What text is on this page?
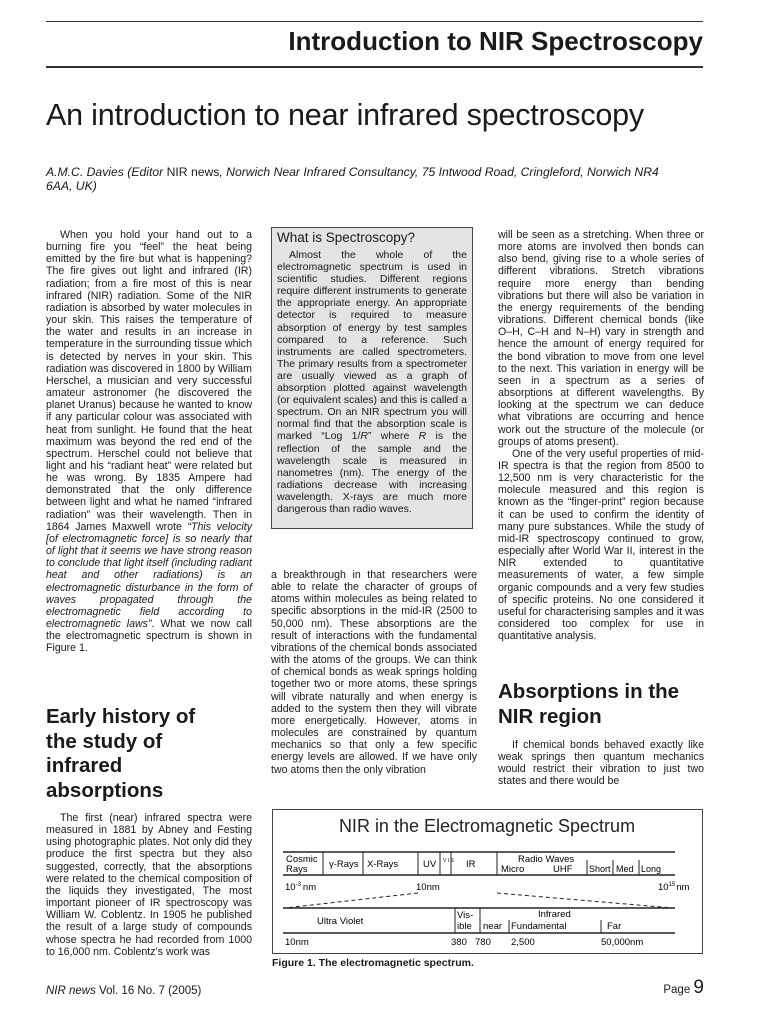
Introduction to NIR Spectroscopy
An introduction to near infrared spectroscopy
A.M.C. Davies (Editor NIR news, Norwich Near Infrared Consultancy, 75 Intwood Road, Cringleford, Norwich NR4 6AA, UK)

When you hold your hand out to a burning fire you “feel” the heat being emitted by the fire but what is happening? The fire gives out light and infrared (IR) radiation; from a fire most of this is near infrared (NIR) radiation. Some of the NIR radiation is absorbed by water molecules in your skin. This raises the temperature of the water and results in an increase in temperature in the surrounding tissue which is detected by nerves in your skin. This radiation was discovered in 1800 by William Herschel, a musician and very successful amateur astronomer (he discovered the planet Uranus) because he wanted to know if any particular colour was associated with heat from sunlight. He found that the heat maximum was beyond the red end of the spectrum. Herschel could not believe that light and his “radiant heat” were related but he was wrong. By 1835 Ampere had demonstrated that the only difference between light and what he named “infrared radiation” was their wavelength. Then in 1864 James Maxwell wrote “This velocity [of electromagnetic force] is so nearly that of light that it seems we have strong reason to conclude that light itself (including radiant heat and other radiations) is an electromagnetic disturbance in the form of waves propagated through the electromagnetic field according to electromagnetic laws”. What we now call the electromagnetic spectrum is shown in Figure 1.

Early history of the study of infrared absorptions

The first (near) infrared spectra were measured in 1881 by Abney and Festing using photographic plates. Not only did they produce the first spectra but they also suggested, correctly, that the absorptions were related to the chemical composition of the liquids they investigated, The most important pioneer of IR spectroscopy was William W. Coblentz. In 1905 he published the result of a large study of compounds whose spectra he had recorded from 1000 to 16,000 nm. Coblentz’s work was

What is Spectroscopy?

Almost the whole of the electromagnetic spectrum is used in scientific studies. Different regions require different instruments to generate the appropriate energy. An appropriate detector is required to measure absorption of energy by test samples compared to a reference. Such instruments are called spectrometers. The primary results from a spectrometer are usually viewed as a graph of absorption plotted against wavelength (or equivalent scales) and this is called a spectrum. On an NIR spectrum you will normal find that the absorption scale is marked “Log 1/R” where R is the reflection of the sample and the wavelength scale is measured in nanometres (nm). The energy of the radiations decrease with increasing wavelength. X-rays are much more dangerous than radio waves.

a breakthrough in that researchers were able to relate the character of groups of atoms within molecules as being related to specific absorptions in the mid-IR (2500 to 50,000 nm). These absorptions are the result of interactions with the fundamental vibrations of the chemical bonds associated with the atoms of the groups. We can think of chemical bonds as weak springs holding together two or more atoms, these springs will vibrate naturally and when energy is added to the system then they will vibrate more energetically. However, atoms in molecules are constrained by quantum mechanics so that only a few specific energy levels are allowed. If we have only two atoms then the only vibration

will be seen as a stretching. When three or more atoms are involved then bonds can also bend, giving rise to a whole series of different vibrations. Stretch vibrations require more energy than bending vibrations but there will also be variation in the energy requirements of the bending vibrations. Different chemical bonds (like O–H, C–H and N–H) vary in strength and hence the amount of energy required for the bond vibration to move from one level to the next. This variation in energy will be seen in a spectrum as a series of absorptions at different wavelengths. By looking at the spectrum we can deduce what vibrations are occurring and hence work out the structure of the molecule (or groups of atoms present).

One of the very useful properties of mid-IR spectra is that the region from 8500 to 12,500 nm is very characteristic for the molecule measured and this region is known as the “finger-print” region because it can be used to confirm the identity of many pure substances. While the study of mid-IR spectroscopy continued to grow, especially after World War II, interest in the NIR extended to quantitative measurements of water, a few simple organic compounds and a very few studies of specific proteins. No one considered it useful for characterising samples and it was considered too complex for use in quantitative analysis.

Absorptions in the NIR region

If chemical bonds behaved exactly like weak springs then quantum mechanics would restrict their vibration to just two states and there would be

NIR in the Electromagnetic Spectrum
Cosmic
Rays γ-Rays X-Rays	UV V I S IR	Radio Waves
Micro	UHF Short Med Long
$10^{-3}$ nm	10nm	$10^{15}nm$
Ultra Violet
Vis-
ible
Infrared
near Fundamental	Far
10nm	380 780 2,500	50,000nm
Figure 1. The electromagnetic spectrum.
NIR news Vol. 16 No. 7 (2005)	Page 9
